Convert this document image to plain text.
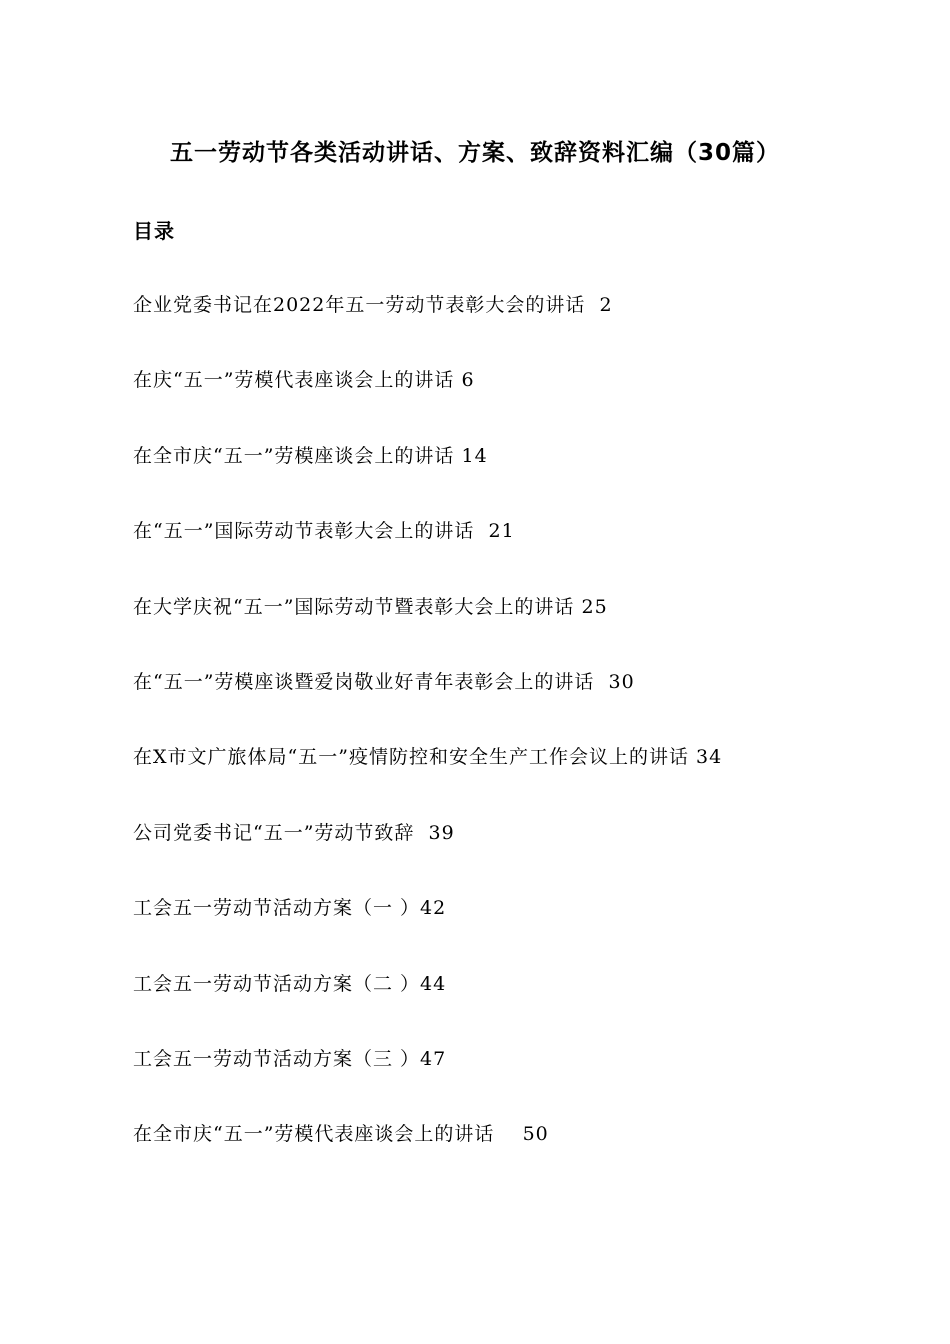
五一劳动节各类活动讲话、方案、致辞资料汇编（30篇）
目录
企业党委书记在2022年五一劳动节表彰大会的讲话  2
在庆“五一”劳模代表座谈会上的讲话 6
在全市庆“五一”劳模座谈会上的讲话 14
在“五一”国际劳动节表彰大会上的讲话  21
在大学庆祝“五一”国际劳动节暨表彰大会上的讲话 25
在“五一”劳模座谈暨爱岗敬业好青年表彰会上的讲话  30
在X市文广旅体局“五一”疫情防控和安全生产工作会议上的讲话 34
公司党委书记“五一”劳动节致辞  39
工会五一劳动节活动方案（一 ）42
工会五一劳动节活动方案（二 ）44
工会五一劳动节活动方案（三 ）47
在全市庆“五一”劳模代表座谈会上的讲话    50
